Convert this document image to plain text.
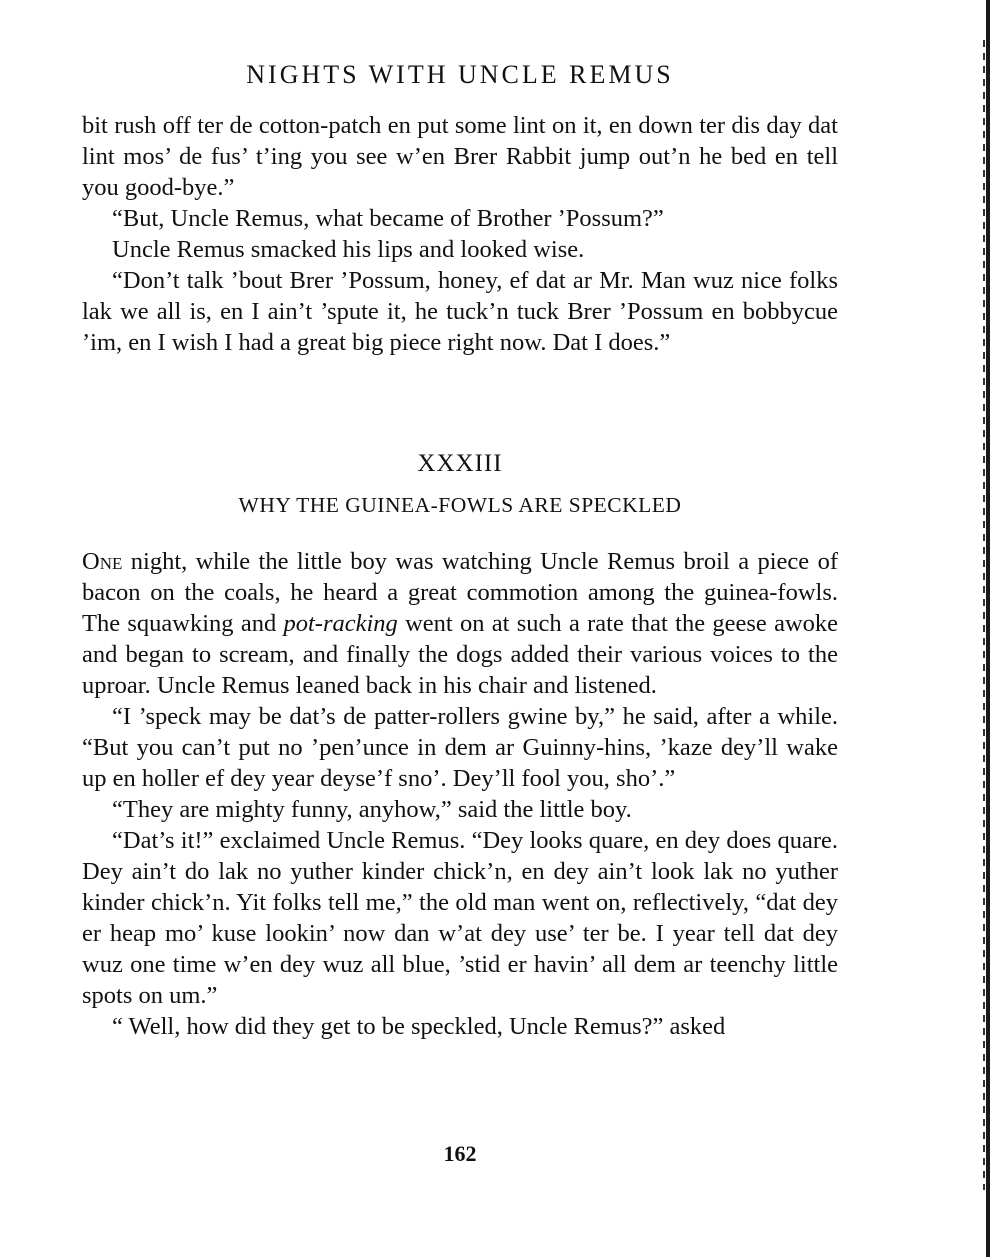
NIGHTS WITH UNCLE REMUS

bit rush off ter de cotton-patch en put some lint on it, en down ter dis day dat lint mos’ de fus’ t’ing you see w’en Brer Rabbit jump out’n he bed en tell you good-bye.”

“But, Uncle Remus, what became of Brother ’Possum?”

Uncle Remus smacked his lips and looked wise.

“Don’t talk ’bout Brer ’Possum, honey, ef dat ar Mr. Man wuz nice folks lak we all is, en I ain’t ’spute it, he tuck’n tuck Brer ’Possum en bobbycue ’im, en I wish I had a great big piece right now. Dat I does.”

XXXIII
WHY THE GUINEA-FOWLS ARE SPECKLED

One night, while the little boy was watching Uncle Remus broil a piece of bacon on the coals, he heard a great commotion among the guinea-fowls. The squawking and pot-racking went on at such a rate that the geese awoke and began to scream, and finally the dogs added their various voices to the uproar. Uncle Remus leaned back in his chair and listened.

“I ’speck may be dat’s de patter-rollers gwine by,” he said, after a while. “But you can’t put no ’pen’unce in dem ar Guinny-hins, ’kaze dey’ll wake up en holler ef dey year deyse’f sno’. Dey’ll fool you, sho’.”

“They are mighty funny, anyhow,” said the little boy.

“Dat’s it!” exclaimed Uncle Remus. “Dey looks quare, en dey does quare. Dey ain’t do lak no yuther kinder chick’n, en dey ain’t look lak no yuther kinder chick’n. Yit folks tell me,” the old man went on, reflectively, “dat dey er heap mo’ kuse lookin’ now dan w’at dey use’ ter be. I year tell dat dey wuz one time w’en dey wuz all blue, ’stid er havin’ all dem ar teenchy little spots on um.”

“ Well, how did they get to be speckled, Uncle Remus?” asked

162
